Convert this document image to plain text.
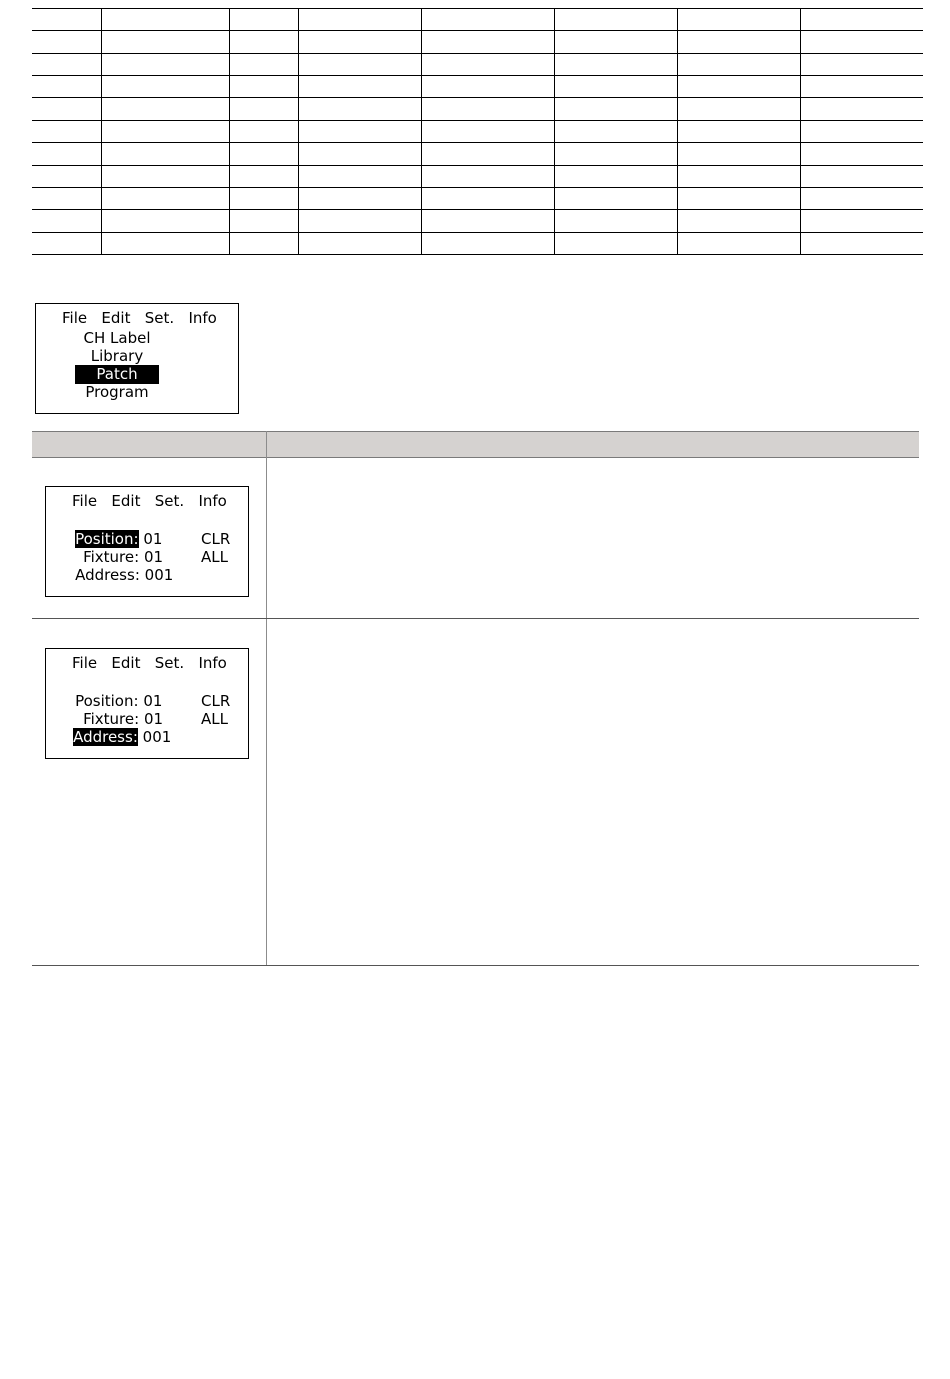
File   Edit   Set.   Info
CH Label
Library
Patch
Program
File   Edit   Set.   Info

Position: 01

Fixture: 01

CLR

Address: 001

ALL
File   Edit   Set.   Info

Position: 01

Fixture: 01

CLR

Address: 001

ALL
